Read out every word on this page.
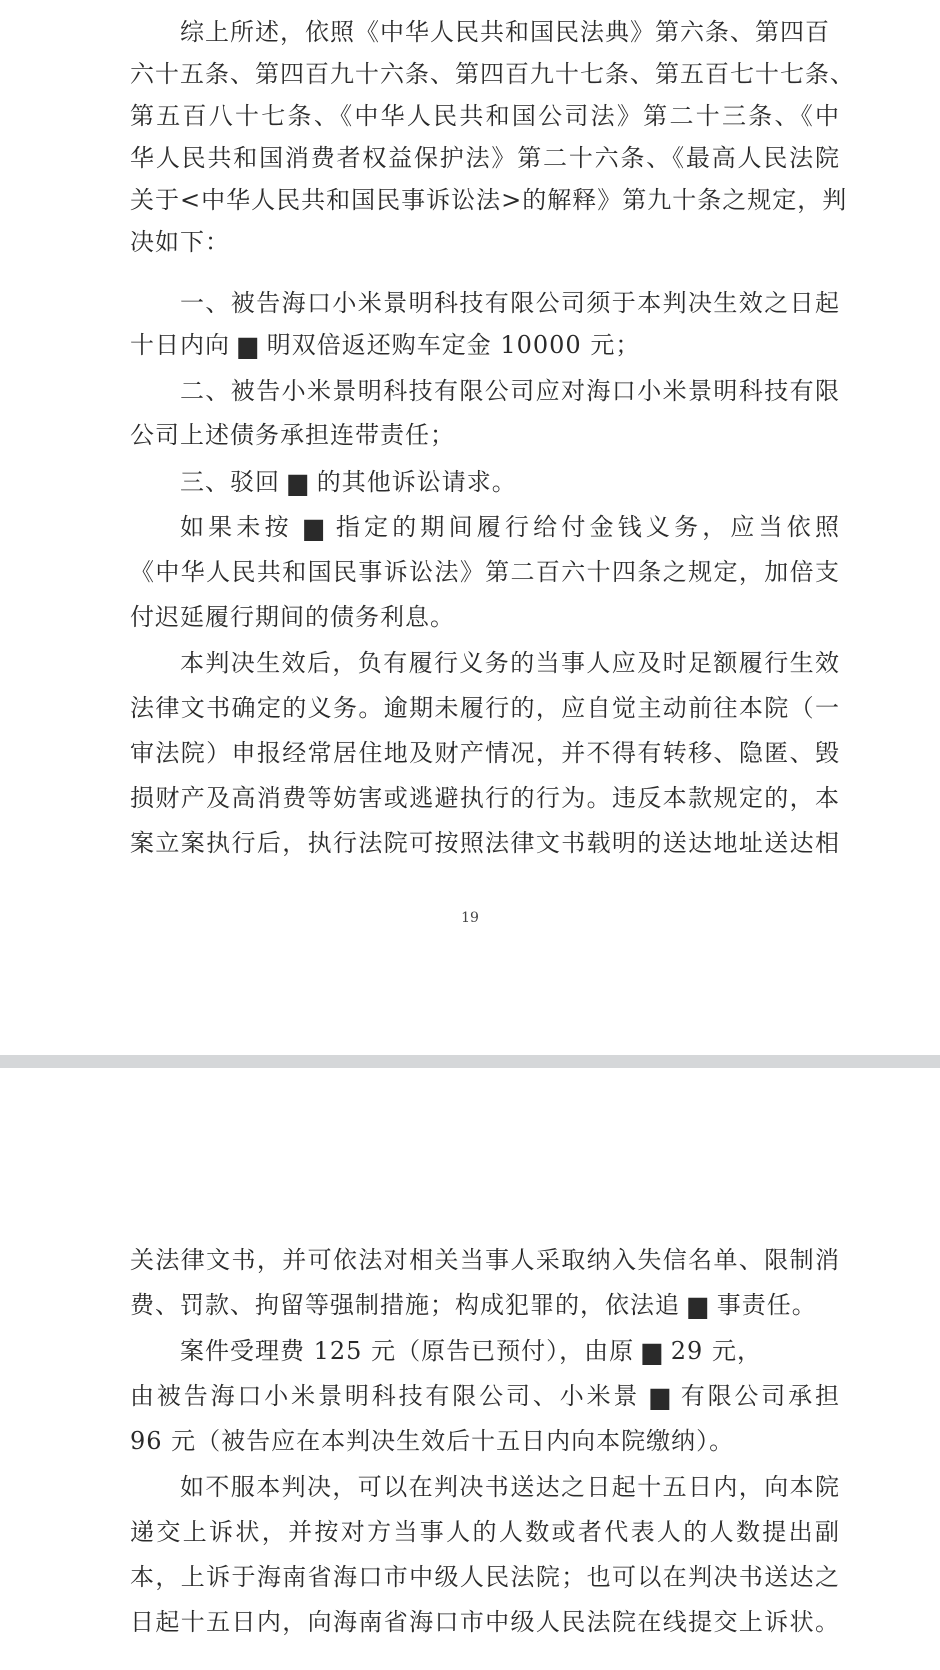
综上所述，依照《中华人民共和国民法典》第六条、第四百
六十五条、第四百九十六条、第四百九十七条、第五百七十七条、
第五百八十七条、《中华人民共和国公司法》第二十三条、《中
华人民共和国消费者权益保护法》第二十六条、《最高人民法院
关于<中华人民共和国民事诉讼法>的解释》第九十条之规定，判
决如下：
一、被告海口小米景明科技有限公司须于本判决生效之日起
十日内向 ▆ 明双倍返还购车定金 10000 元；
二、被告小米景明科技有限公司应对海口小米景明科技有限
公司上述债务承担连带责任；
三、驳回 ▆ 的其他诉讼请求。
如果未按 ▆ 指定的期间履行给付金钱义务，应当依照
《中华人民共和国民事诉讼法》第二百六十四条之规定，加倍支
付迟延履行期间的债务利息。
本判决生效后，负有履行义务的当事人应及时足额履行生效
法律文书确定的义务。逾期未履行的，应自觉主动前往本院（一
审法院）申报经常居住地及财产情况，并不得有转移、隐匿、毁
损财产及高消费等妨害或逃避执行的行为。违反本款规定的，本
案立案执行后，执行法院可按照法律文书载明的送达地址送达相
19
关法律文书，并可依法对相关当事人采取纳入失信名单、限制消
费、罚款、拘留等强制措施；构成犯罪的，依法追 ▆ 事责任。
案件受理费 125 元（原告已预付），由原 ▆ 29 元，
由被告海口小米景明科技有限公司、小米景 ▆ 有限公司承担
96 元（被告应在本判决生效后十五日内向本院缴纳）。
如不服本判决，可以在判决书送达之日起十五日内，向本院
递交上诉状，并按对方当事人的人数或者代表人的人数提出副
本，上诉于海南省海口市中级人民法院；也可以在判决书送达之
日起十五日内，向海南省海口市中级人民法院在线提交上诉状。
